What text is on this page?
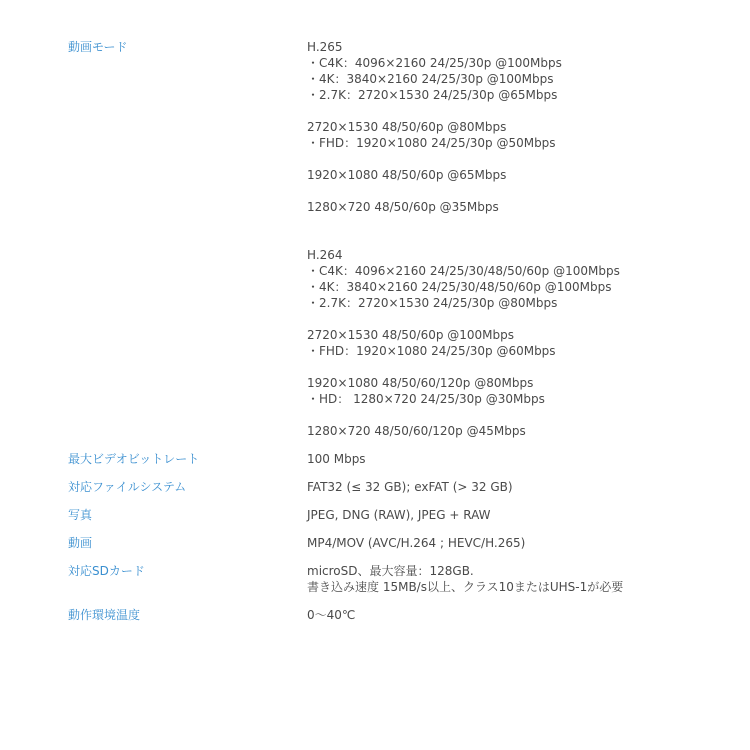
動画モード	H.265
・C4K：4096×2160 24/25/30p @100Mbps
・4K：3840×2160 24/25/30p @100Mbps
・2.7K：2720×1530 24/25/30p @65Mbps
2720×1530 48/50/60p @80Mbps
・FHD：1920×1080 24/25/30p @50Mbps
1920×1080 48/50/60p @65Mbps
1280×720 48/50/60p @35Mbps
H.264
・C4K：4096×2160 24/25/30/48/50/60p @100Mbps
・4K：3840×2160 24/25/30/48/50/60p @100Mbps
・2.7K：2720×1530 24/25/30p @80Mbps
2720×1530 48/50/60p @100Mbps
・FHD：1920×1080 24/25/30p @60Mbps
1920×1080 48/50/60/120p @80Mbps
・HD： 1280×720 24/25/30p @30Mbps
1280×720 48/50/60/120p @45Mbps
最大ビデオビットレート	100 Mbps
対応ファイルシステム	FAT32 (≤ 32 GB); exFAT (> 32 GB)
写真	JPEG, DNG (RAW), JPEG + RAW
動画	MP4/MOV (AVC/H.264 ; HEVC/H.265)
対応SDカード	microSD、最大容量：128GB.
書き込み速度 15MB/s以上、クラス10またはUHS-1が必要
動作環境温度	0～40℃
